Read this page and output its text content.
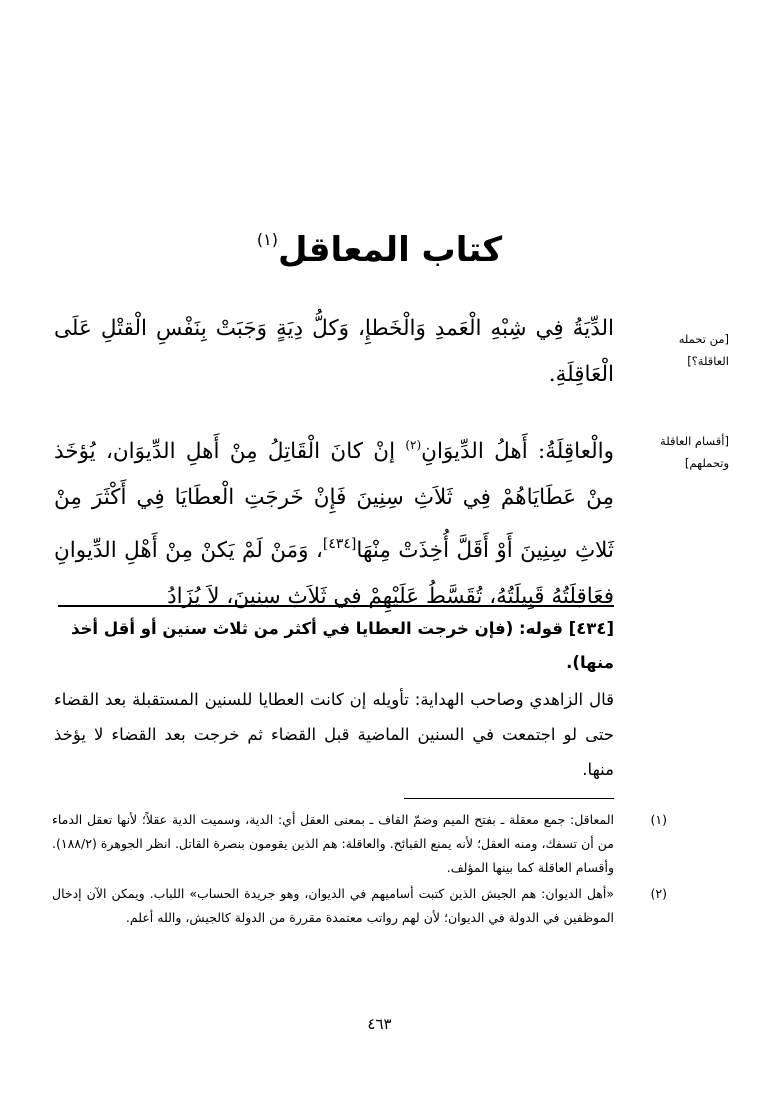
كتاب المعاقل$^{(١)}$
الدِّيَةُ فِي شِبْهِ الْعَمدِ وَالْخَطإِ، وَكلُّ دِيَةٍ وَجَبَتْ بِنَفْسِ الْقتْلِ عَلَى الْعَاقِلَةِ.
[من تحمله العاقلة؟]
والْعاقِلَةُ: أَهلُ الدِّيوَانِ$^{(٢)}$ إنْ كانَ الْقَاتِلُ مِنْ أَهلِ الدِّيوَان، يُؤخَذ مِنْ عَطَايَاهُمْ فِي ثَلاَثِ سِنِينَ فَإِنْ خَرجَتِ الْعطَايَا فِي أَكْثَرَ مِنْ ثَلاثِ سِنِينَ أَوْ أَقَلَّ أُخِذَتْ مِنْهَا[٤٣٤]، وَمَنْ لَمْ يَكنْ مِنْ أَهْلِ الدِّيوانِ فعَاقِلَتُهُ قَبِيلَتُهُ، تُقَسَّطُ عَلَيْهِمْ فِي ثَلاَثِ سِنِينَ، لاَ يُزَادُ
[أقسام العاقلة وتحملهم]
[٤٣٤] قوله: (فإن خرجت العطايا في أكثر من ثلاث سنين أو أقل أخذ منها).
قال الزاهدي وصاحب الهداية: تأويله إن كانت العطايا للسنين المستقبلة بعد القضاء حتى لو اجتمعت في السنين الماضية قبل القضاء ثم خرجت بعد القضاء لا يؤخذ منها.
(١)
المعاقل: جمع معقلة ـ بفتح الميم وضمّ القاف ـ بمعنى العقل أي: الدية، وسميت الدية عقلاً؛ لأنها تعقل الدماء من أن تسفك، ومنه العقل؛ لأنه يمنع القبائح. والعاقلة: هم الذين يقومون بنصرة القاتل. انظر الجوهرة (١٨٨/٢). وأقسام العاقلة كما بينها المؤلف.
(٢)
«أهل الديوان: هم الجيش الذين كتبت أساميهم في الديوان، وهو جريدة الحساب» اللباب. ويمكن الآن إدخال الموظفين في الدولة في الديوان؛ لأن لهم رواتب معتمدة مقررة من الدولة كالجيش، والله أعلم.
٤٦٣
